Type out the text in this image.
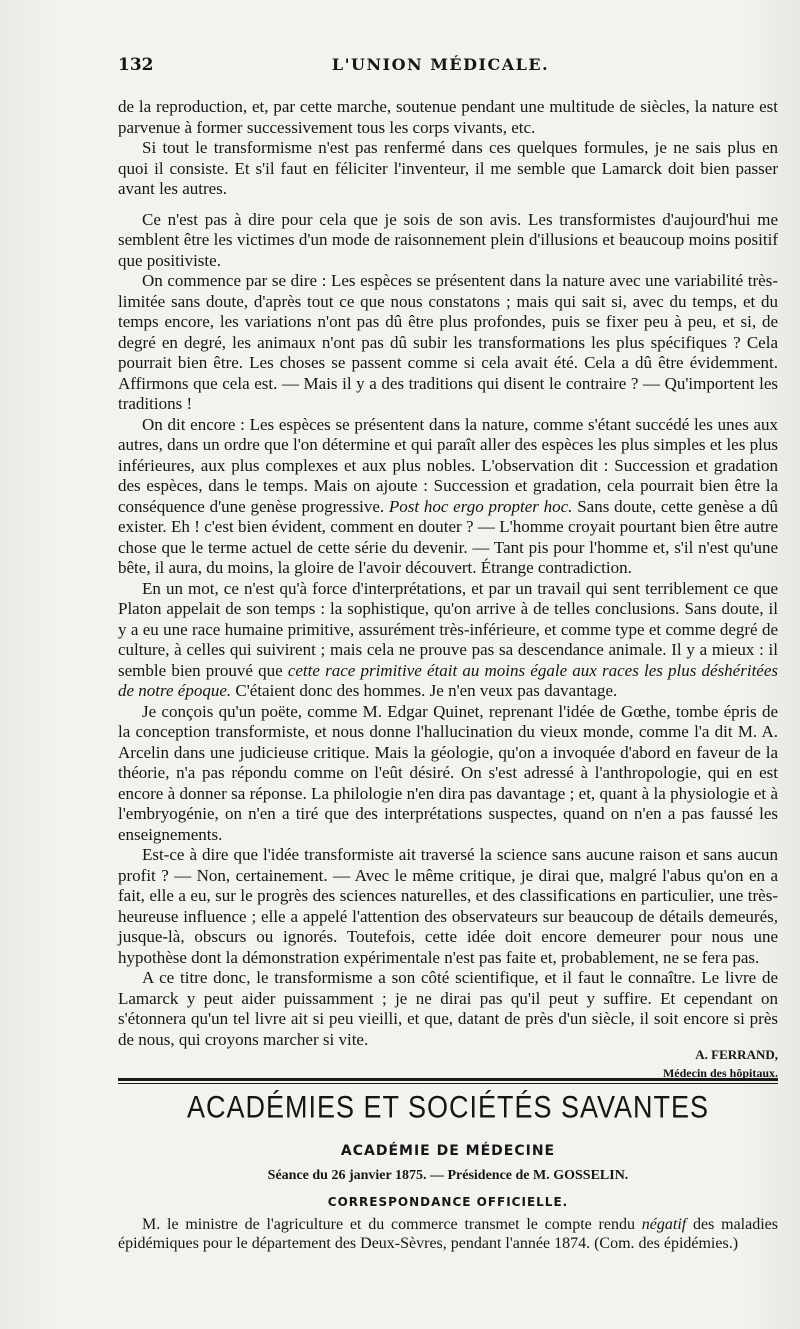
132	L'UNION MÉDICALE.

de la reproduction, et, par cette marche, soutenue pendant une multitude de siècles, la nature est parvenue à former successivement tous les corps vivants, etc.

Si tout le transformisme n'est pas renfermé dans ces quelques formules, je ne sais plus en quoi il consiste. Et s'il faut en féliciter l'inventeur, il me semble que Lamarck doit bien passer avant les autres.

Ce n'est pas à dire pour cela que je sois de son avis. Les transformistes d'aujourd'hui me semblent être les victimes d'un mode de raisonnement plein d'illusions et beaucoup moins positif que positiviste.

On commence par se dire : Les espèces se présentent dans la nature avec une variabilité très-limitée sans doute, d'après tout ce que nous constatons ; mais qui sait si, avec du temps, et du temps encore, les variations n'ont pas dû être plus profondes, puis se fixer peu à peu, et si, de degré en degré, les animaux n'ont pas dû subir les transformations les plus spécifiques ? Cela pourrait bien être. Les choses se passent comme si cela avait été. Cela a dû être évidemment. Affirmons que cela est. — Mais il y a des traditions qui disent le contraire ? — Qu'importent les traditions !

On dit encore : Les espèces se présentent dans la nature, comme s'étant succédé les unes aux autres, dans un ordre que l'on détermine et qui paraît aller des espèces les plus simples et les plus inférieures, aux plus complexes et aux plus nobles. L'observation dit : Succession et gradation des espèces, dans le temps. Mais on ajoute : Succession et gradation, cela pourrait bien être la conséquence d'une genèse progressive. Post hoc ergo propter hoc. Sans doute, cette genèse a dû exister. Eh ! c'est bien évident, comment en douter ? — L'homme croyait pourtant bien être autre chose que le terme actuel de cette série du devenir. — Tant pis pour l'homme et, s'il n'est qu'une bête, il aura, du moins, la gloire de l'avoir découvert. Étrange contradiction.

En un mot, ce n'est qu'à force d'interprétations, et par un travail qui sent terriblement ce que Platon appelait de son temps : la sophistique, qu'on arrive à de telles conclusions. Sans doute, il y a eu une race humaine primitive, assurément très-inférieure, et comme type et comme degré de culture, à celles qui suivirent ; mais cela ne prouve pas sa descendance animale. Il y a mieux : il semble bien prouvé que cette race primitive était au moins égale aux races les plus déshéritées de notre époque. C'étaient donc des hommes. Je n'en veux pas davantage.

Je conçois qu'un poëte, comme M. Edgar Quinet, reprenant l'idée de Gœthe, tombe épris de la conception transformiste, et nous donne l'hallucination du vieux monde, comme l'a dit M. A. Arcelin dans une judicieuse critique. Mais la géologie, qu'on a invoquée d'abord en faveur de la théorie, n'a pas répondu comme on l'eût désiré. On s'est adressé à l'anthropologie, qui en est encore à donner sa réponse. La philologie n'en dira pas davantage ; et, quant à la physiologie et à l'embryogénie, on n'en a tiré que des interprétations suspectes, quand on n'en a pas faussé les enseignements.

Est-ce à dire que l'idée transformiste ait traversé la science sans aucune raison et sans aucun profit ? — Non, certainement. — Avec le même critique, je dirai que, malgré l'abus qu'on en a fait, elle a eu, sur le progrès des sciences naturelles, et des classifications en particulier, une très-heureuse influence ; elle a appelé l'attention des observateurs sur beaucoup de détails demeurés, jusque-là, obscurs ou ignorés. Toutefois, cette idée doit encore demeurer pour nous une hypothèse dont la démonstration expérimentale n'est pas faite et, probablement, ne se fera pas.

A ce titre donc, le transformisme a son côté scientifique, et il faut le connaître. Le livre de Lamarck y peut aider puissamment ; je ne dirai pas qu'il peut y suffire. Et cependant on s'étonnera qu'un tel livre ait si peu vieilli, et que, datant de près d'un siècle, il soit encore si près de nous, qui croyons marcher si vite.

A. FERRAND,
Médecin des hôpitaux.
ACADÉMIES ET SOCIÉTÉS SAVANTES
ACADÉMIE DE MÉDECINE
Séance du 26 janvier 1875. — Présidence de M. GOSSELIN.
CORRESPONDANCE OFFICIELLE.

M. le ministre de l'agriculture et du commerce transmet le compte rendu négatif des maladies épidémiques pour le département des Deux-Sèvres, pendant l'année 1874. (Com. des épidémies.)
